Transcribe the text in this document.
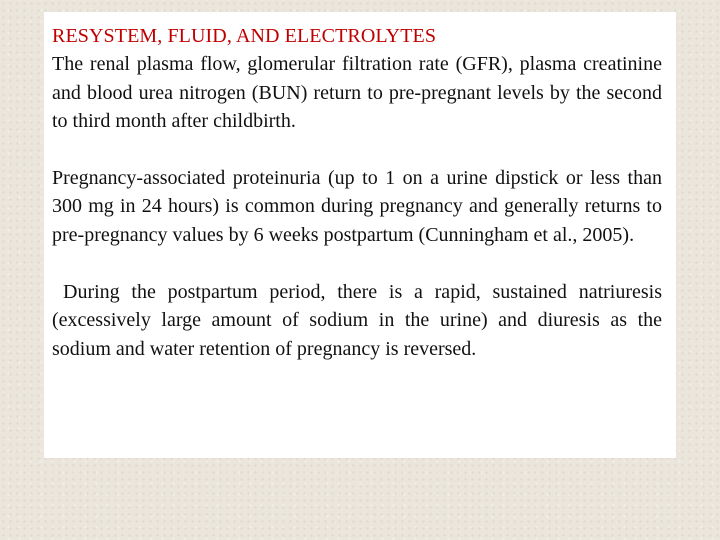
RESYSTEM, FLUID, AND ELECTROLYTES

The renal plasma flow, glomerular filtration rate (GFR), plasma creatinine and blood urea nitrogen (BUN) return to pre-pregnant levels by the second to third month after childbirth.

Pregnancy-associated proteinuria (up to 1 on a urine dipstick or less than 300 mg in 24 hours) is common during pregnancy and generally returns to pre-pregnancy values by 6 weeks postpartum (Cunningham et al., 2005).

During the postpartum period, there is a rapid, sustained natriuresis (excessively large amount of sodium in the urine) and diuresis as the sodium and water retention of pregnancy is reversed.
